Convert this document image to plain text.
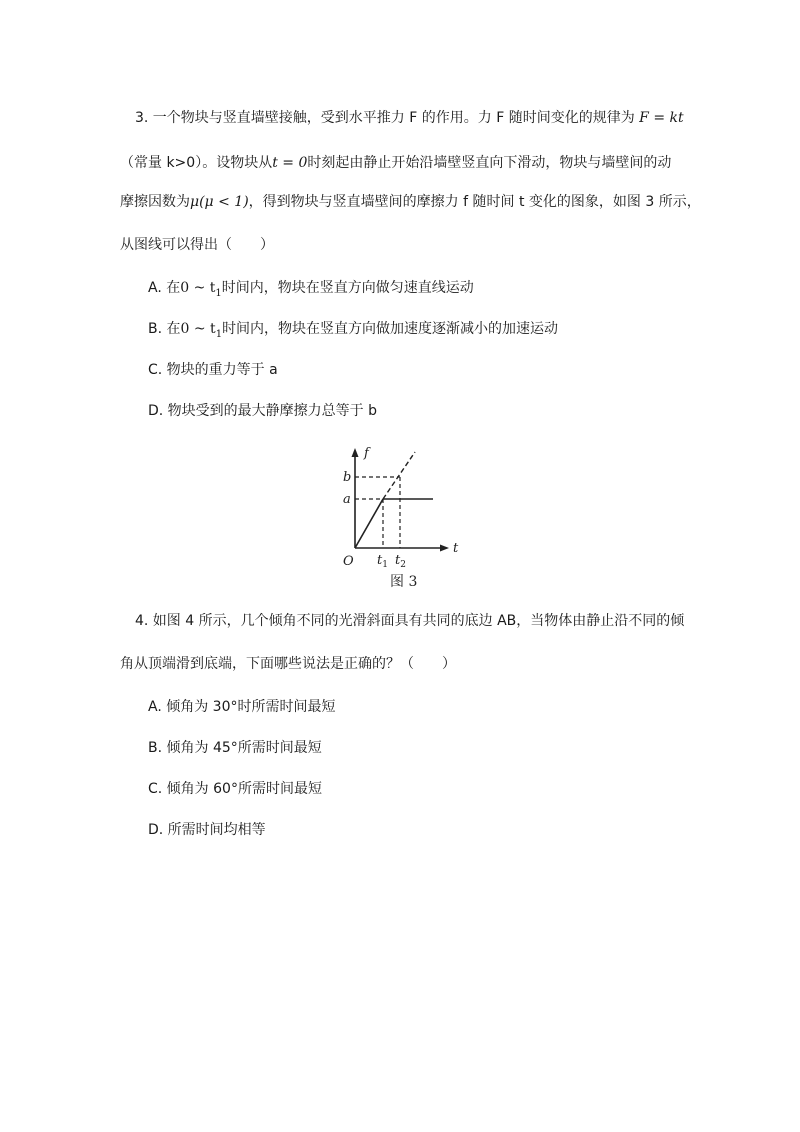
3. 一个物块与竖直墙壁接触，受到水平推力 F 的作用。力 F 随时间变化的规律为 F = kt
（常量 k>0）。设物块从t = 0时刻起由静止开始沿墙壁竖直向下滑动，物块与墙壁间的动
摩擦因数为μ(μ < 1)，得到物块与竖直墙壁间的摩擦力 f 随时间 t 变化的图象，如图 3 所示，
从图线可以得出（　　）
A. 在0 ~ $t_1$时间内，物块在竖直方向做匀速直线运动
B. 在0 ~ $t_1$时间内，物块在竖直方向做加速度逐渐减小的加速运动
C. 物块的重力等于 a
D. 物块受到的最大静摩擦力总等于 b
f
t
O
b
a
$t_1$ $t_2$
图 3
4. 如图 4 所示，几个倾角不同的光滑斜面具有共同的底边 AB，当物体由静止沿不同的倾
角从顶端滑到底端，下面哪些说法是正确的？（　　）
A. 倾角为 30°时所需时间最短
B. 倾角为 45°所需时间最短
C. 倾角为 60°所需时间最短
D. 所需时间均相等
